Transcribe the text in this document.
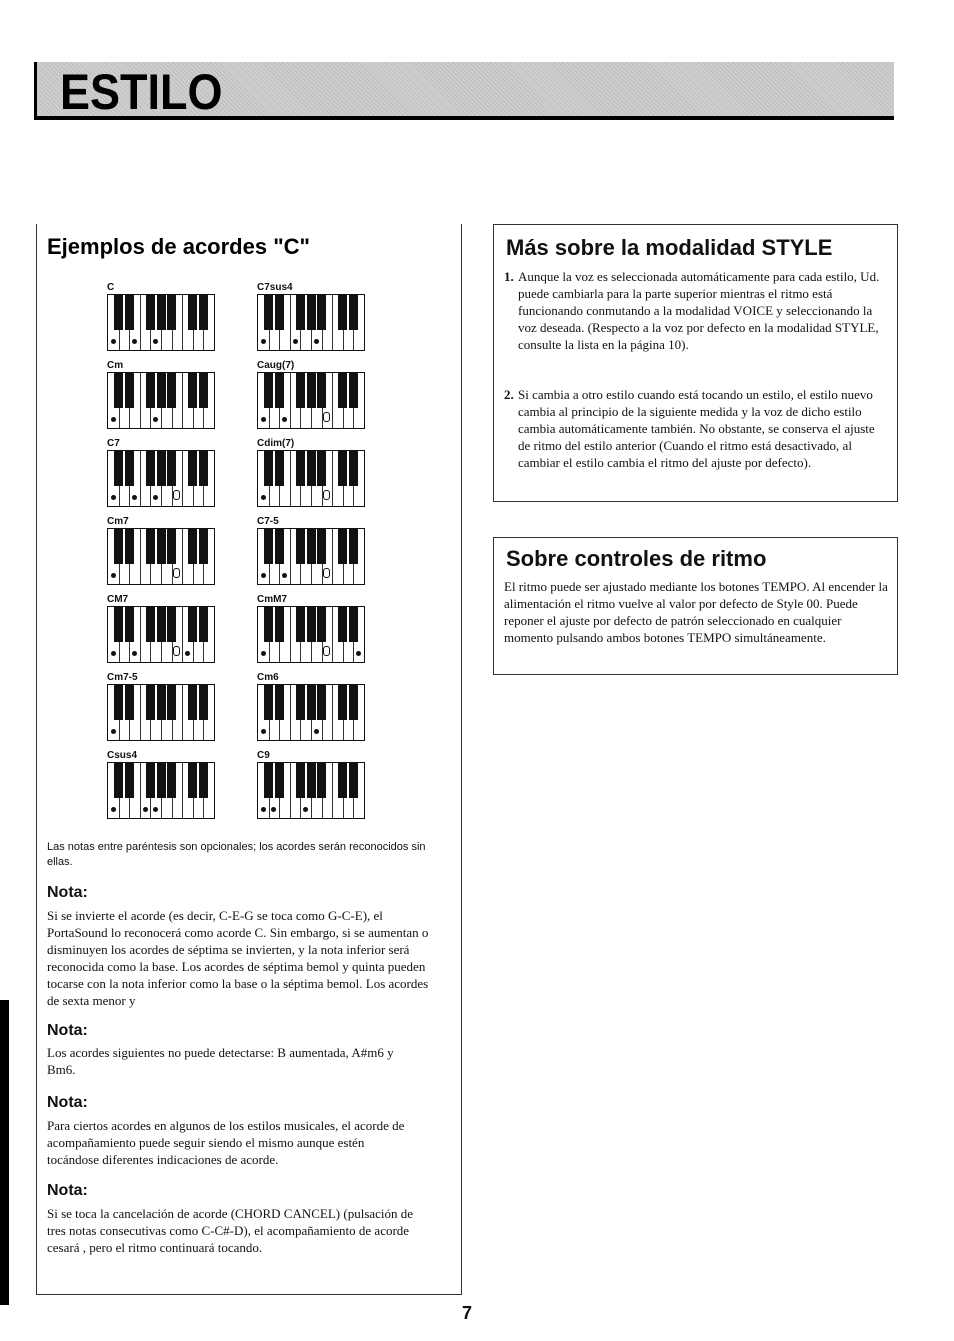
ESTILO
Ejemplos de acordes "C"
C	C7sus4
Cm	Caug(7)
C7	Cdim(7)
Cm7	C7-5
CM7	CmM7
Cm7-5	Cm6
Csus4	C9
Las notas entre paréntesis son opcionales; los acordes serán reconocidos sin ellas.
Nota:
Si se invierte el acorde (es decir, C-E-G se toca como G-C-E), el PortaSound lo reconocerá como acorde C. Sin embargo, si se aumentan o disminuyen los acordes de séptima se invierten, y la nota inferior será reconocida como la base. Los acordes de séptima bemol y quinta pueden tocarse con la nota inferior como la base o la séptima bemol. Los acordes de sexta menor y
Nota:
Los acordes siguientes no puede detectarse: B aumentada, A#m6 y Bm6.
Nota:
Para ciertos acordes en algunos de los estilos musicales, el acorde de acompañamiento puede seguir siendo el mismo aunque estén tocándose diferentes indicaciones de acorde.
Nota:
Si se toca la cancelación de acorde (CHORD CANCEL) (pulsación de tres notas consecutivas como C-C#-D), el acompañamiento de acorde cesará , pero el ritmo continuará tocando.
Más sobre la modalidad STYLE
1. Aunque la voz es seleccionada automáticamente para cada estilo, Ud. puede cambiarla para la parte superior mientras el ritmo está funcionando conmutando a la modalidad VOICE y seleccionando la voz deseada. (Respecto a la voz por defecto en la modalidad STYLE, consulte la lista en la página 10).
2. Si cambia a otro estilo cuando está tocando un estilo, el estilo nuevo cambia al principio de la siguiente medida y la voz de dicho estilo cambia automáticamente también. No obstante, se conserva el ajuste de ritmo del estilo anterior (Cuando el ritmo está desactivado, al cambiar el estilo cambia el ritmo del ajuste por defecto).
Sobre controles de ritmo
El ritmo puede ser ajustado mediante los botones TEMPO. Al encender la alimentación el ritmo vuelve al valor por defecto de Style 00. Puede reponer el ajuste por defecto de patrón seleccionado en cualquier momento pulsando ambos botones TEMPO simultáneamente.
7
